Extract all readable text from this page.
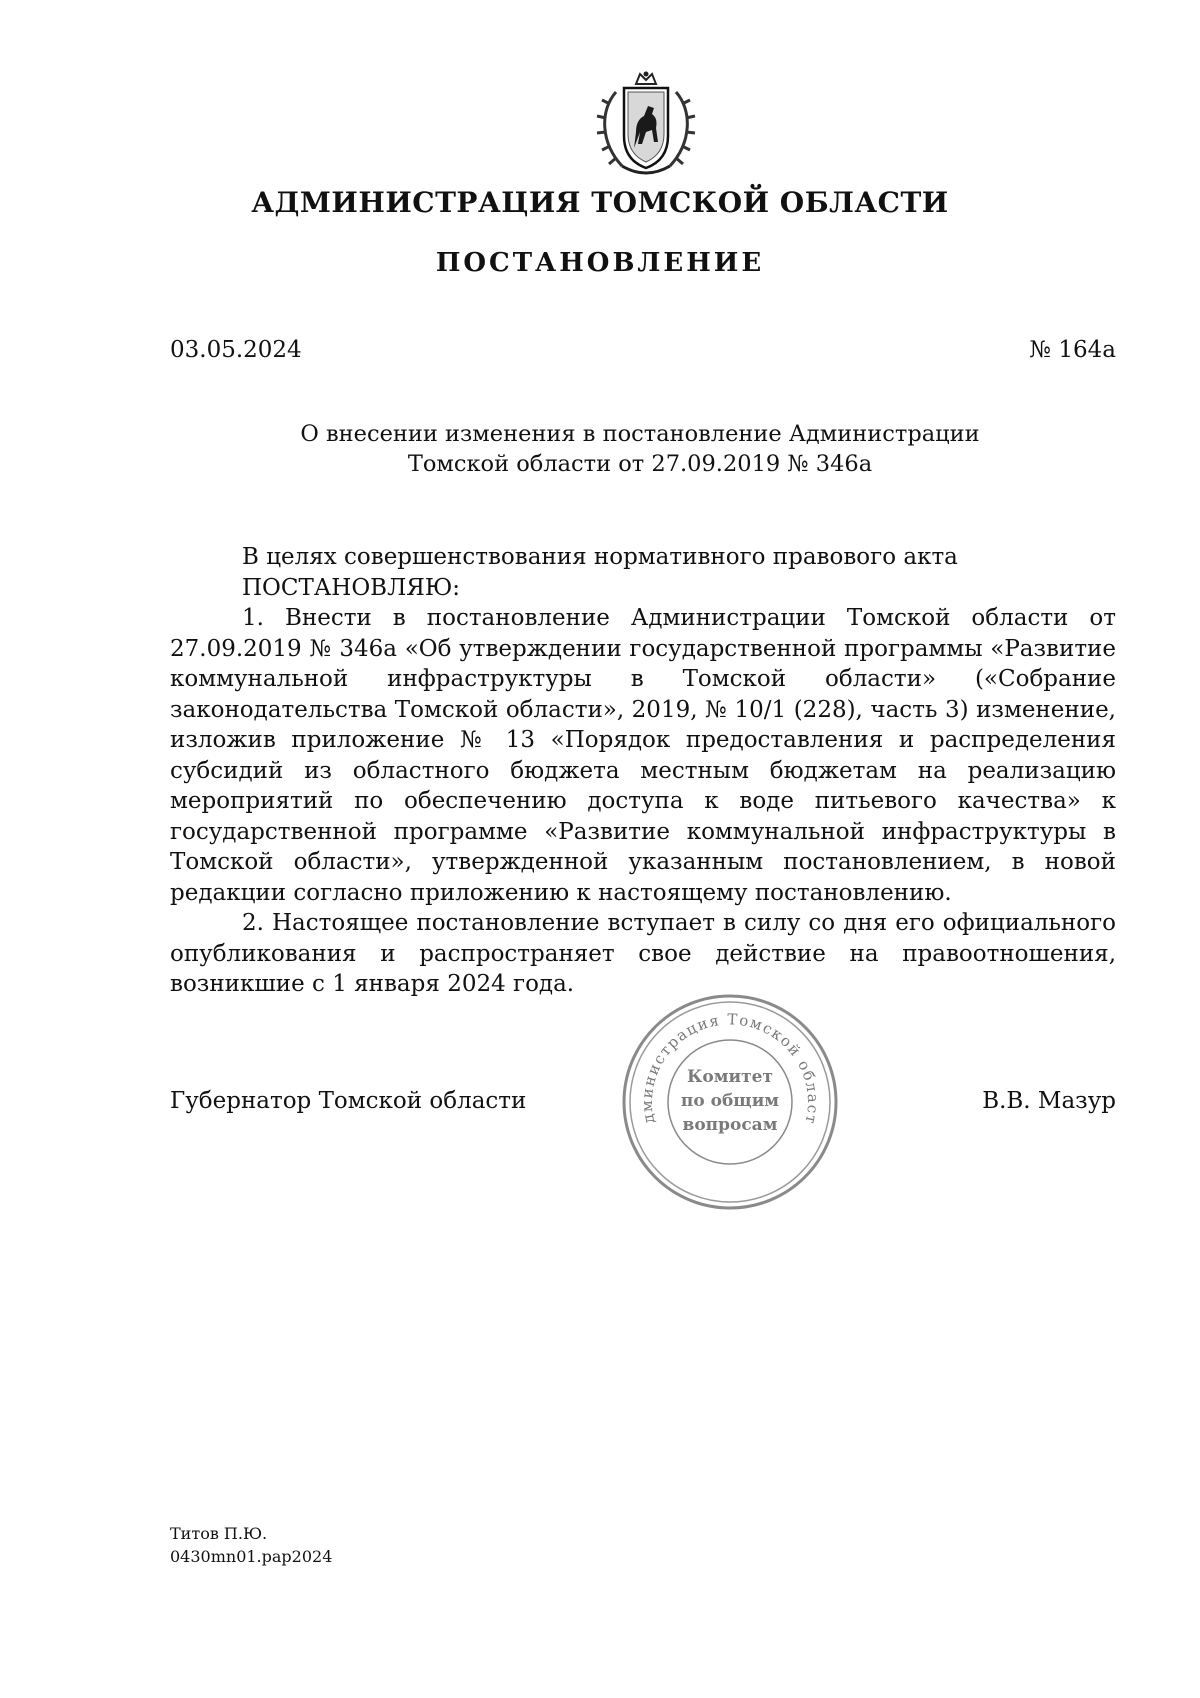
АДМИНИСТРАЦИЯ ТОМСКОЙ ОБЛАСТИ
ПОСТАНОВЛЕНИЕ
03.05.2024	№ 164а
О внесении изменения в постановление Администрации
Томской области от 27.09.2019 № 346а

В целях совершенствования нормативного правового акта

ПОСТАНОВЛЯЮ:

1. Внести в постановление Администрации Томской области от 27.09.2019 № 346а «Об утверждении государственной программы «Развитие коммунальной инфраструктуры в Томской области» («Собрание законодательства Томской области», 2019, № 10/1 (228), часть 3) изменение, изложив приложение № 13 «Порядок предоставления и распределения субсидий из областного бюджета местным бюджетам на реализацию мероприятий по обеспечению доступа к воде питьевого качества» к государственной программе «Развитие коммунальной инфраструктуры в Томской области», утвержденной указанным постановлением, в новой редакции согласно приложению к настоящему постановлению.

2. Настоящее постановление вступает в силу со дня его официального опубликования и распространяет свое действие на правоотношения, возникшие с 1 января 2024 года.

Губернатор Томской области
дминистрация Томской област
Комитет
по общим
вопросам
В.В. Мазур
Титов П.Ю.
0430mn01.pap2024
